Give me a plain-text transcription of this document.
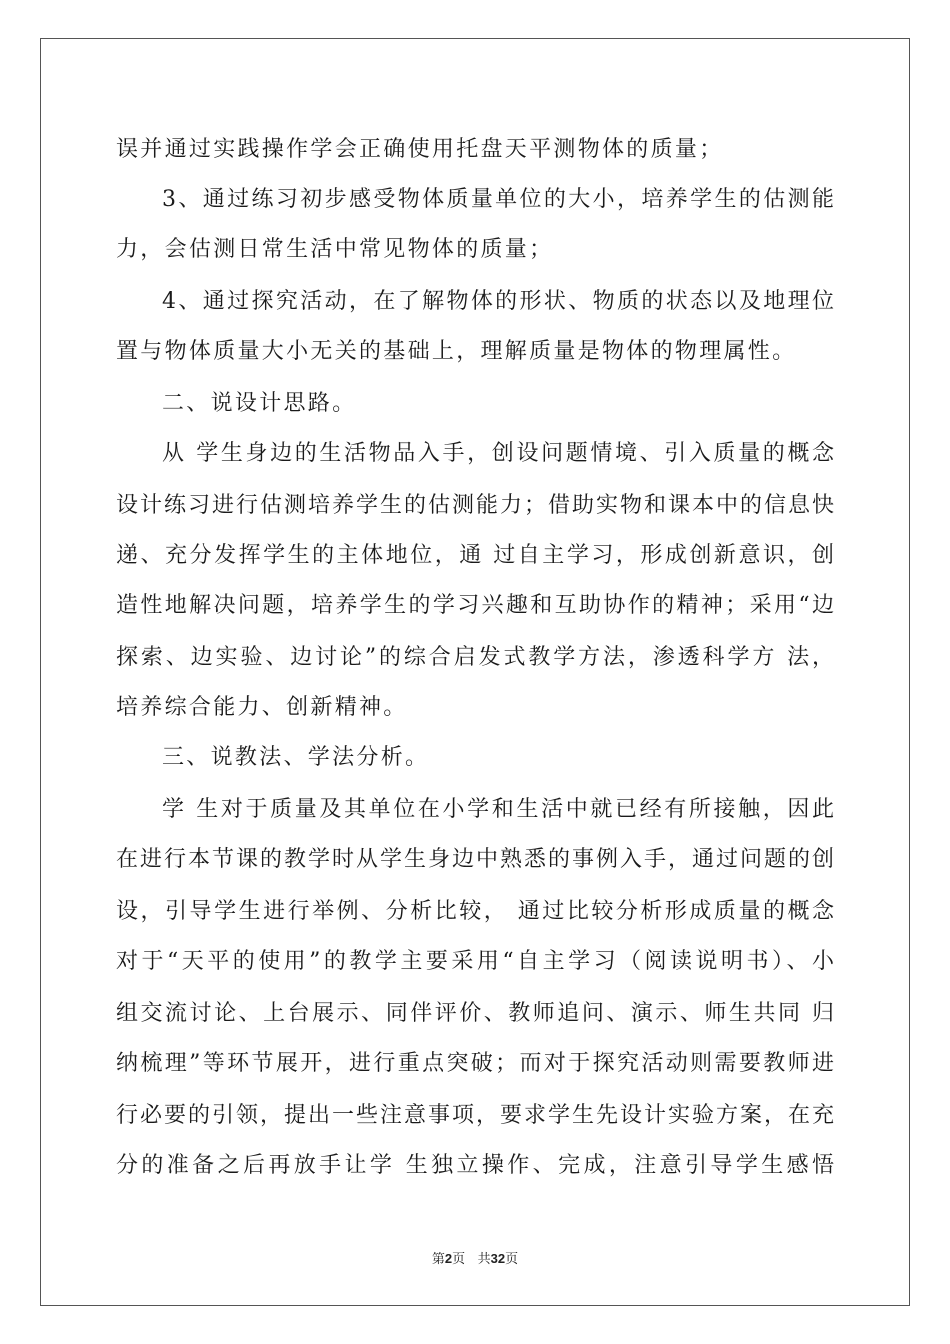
误并通过实践操作学会正确使用托盘天平测物体的质量；

3、通过练习初步感受物体质量单位的大小，培养学生的估测能

力，会估测日常生活中常见物体的质量；

4、通过探究活动，在了解物体的形状、物质的状态以及地理位

置与物体质量大小无关的基础上，理解质量是物体的物理属性。

二、说设计思路。

从 学生身边的生活物品入手，创设问题情境、引入质量的概念

设计练习进行估测培养学生的估测能力；借助实物和课本中的信息快

递、充分发挥学生的主体地位，通 过自主学习，形成创新意识，创

造性地解决问题，培养学生的学习兴趣和互助协作的精神；采用“边

探索、边实验、边讨论”的综合启发式教学方法，渗透科学方 法，

培养综合能力、创新精神。

三、说教法、学法分析。

学 生对于质量及其单位在小学和生活中就已经有所接触，因此

在进行本节课的教学时从学生身边中熟悉的事例入手，通过问题的创

设，引导学生进行举例、分析比较， 通过比较分析形成质量的概念

对于“天平的使用”的教学主要采用“自主学习（阅读说明书）、小

组交流讨论、上台展示、同伴评价、教师追问、演示、师生共同 归

纳梳理”等环节展开，进行重点突破；而对于探究活动则需要教师进

行必要的引领，提出一些注意事项，要求学生先设计实验方案，在充

分的准备之后再放手让学 生独立操作、完成，注意引导学生感悟

第2页 共32页
